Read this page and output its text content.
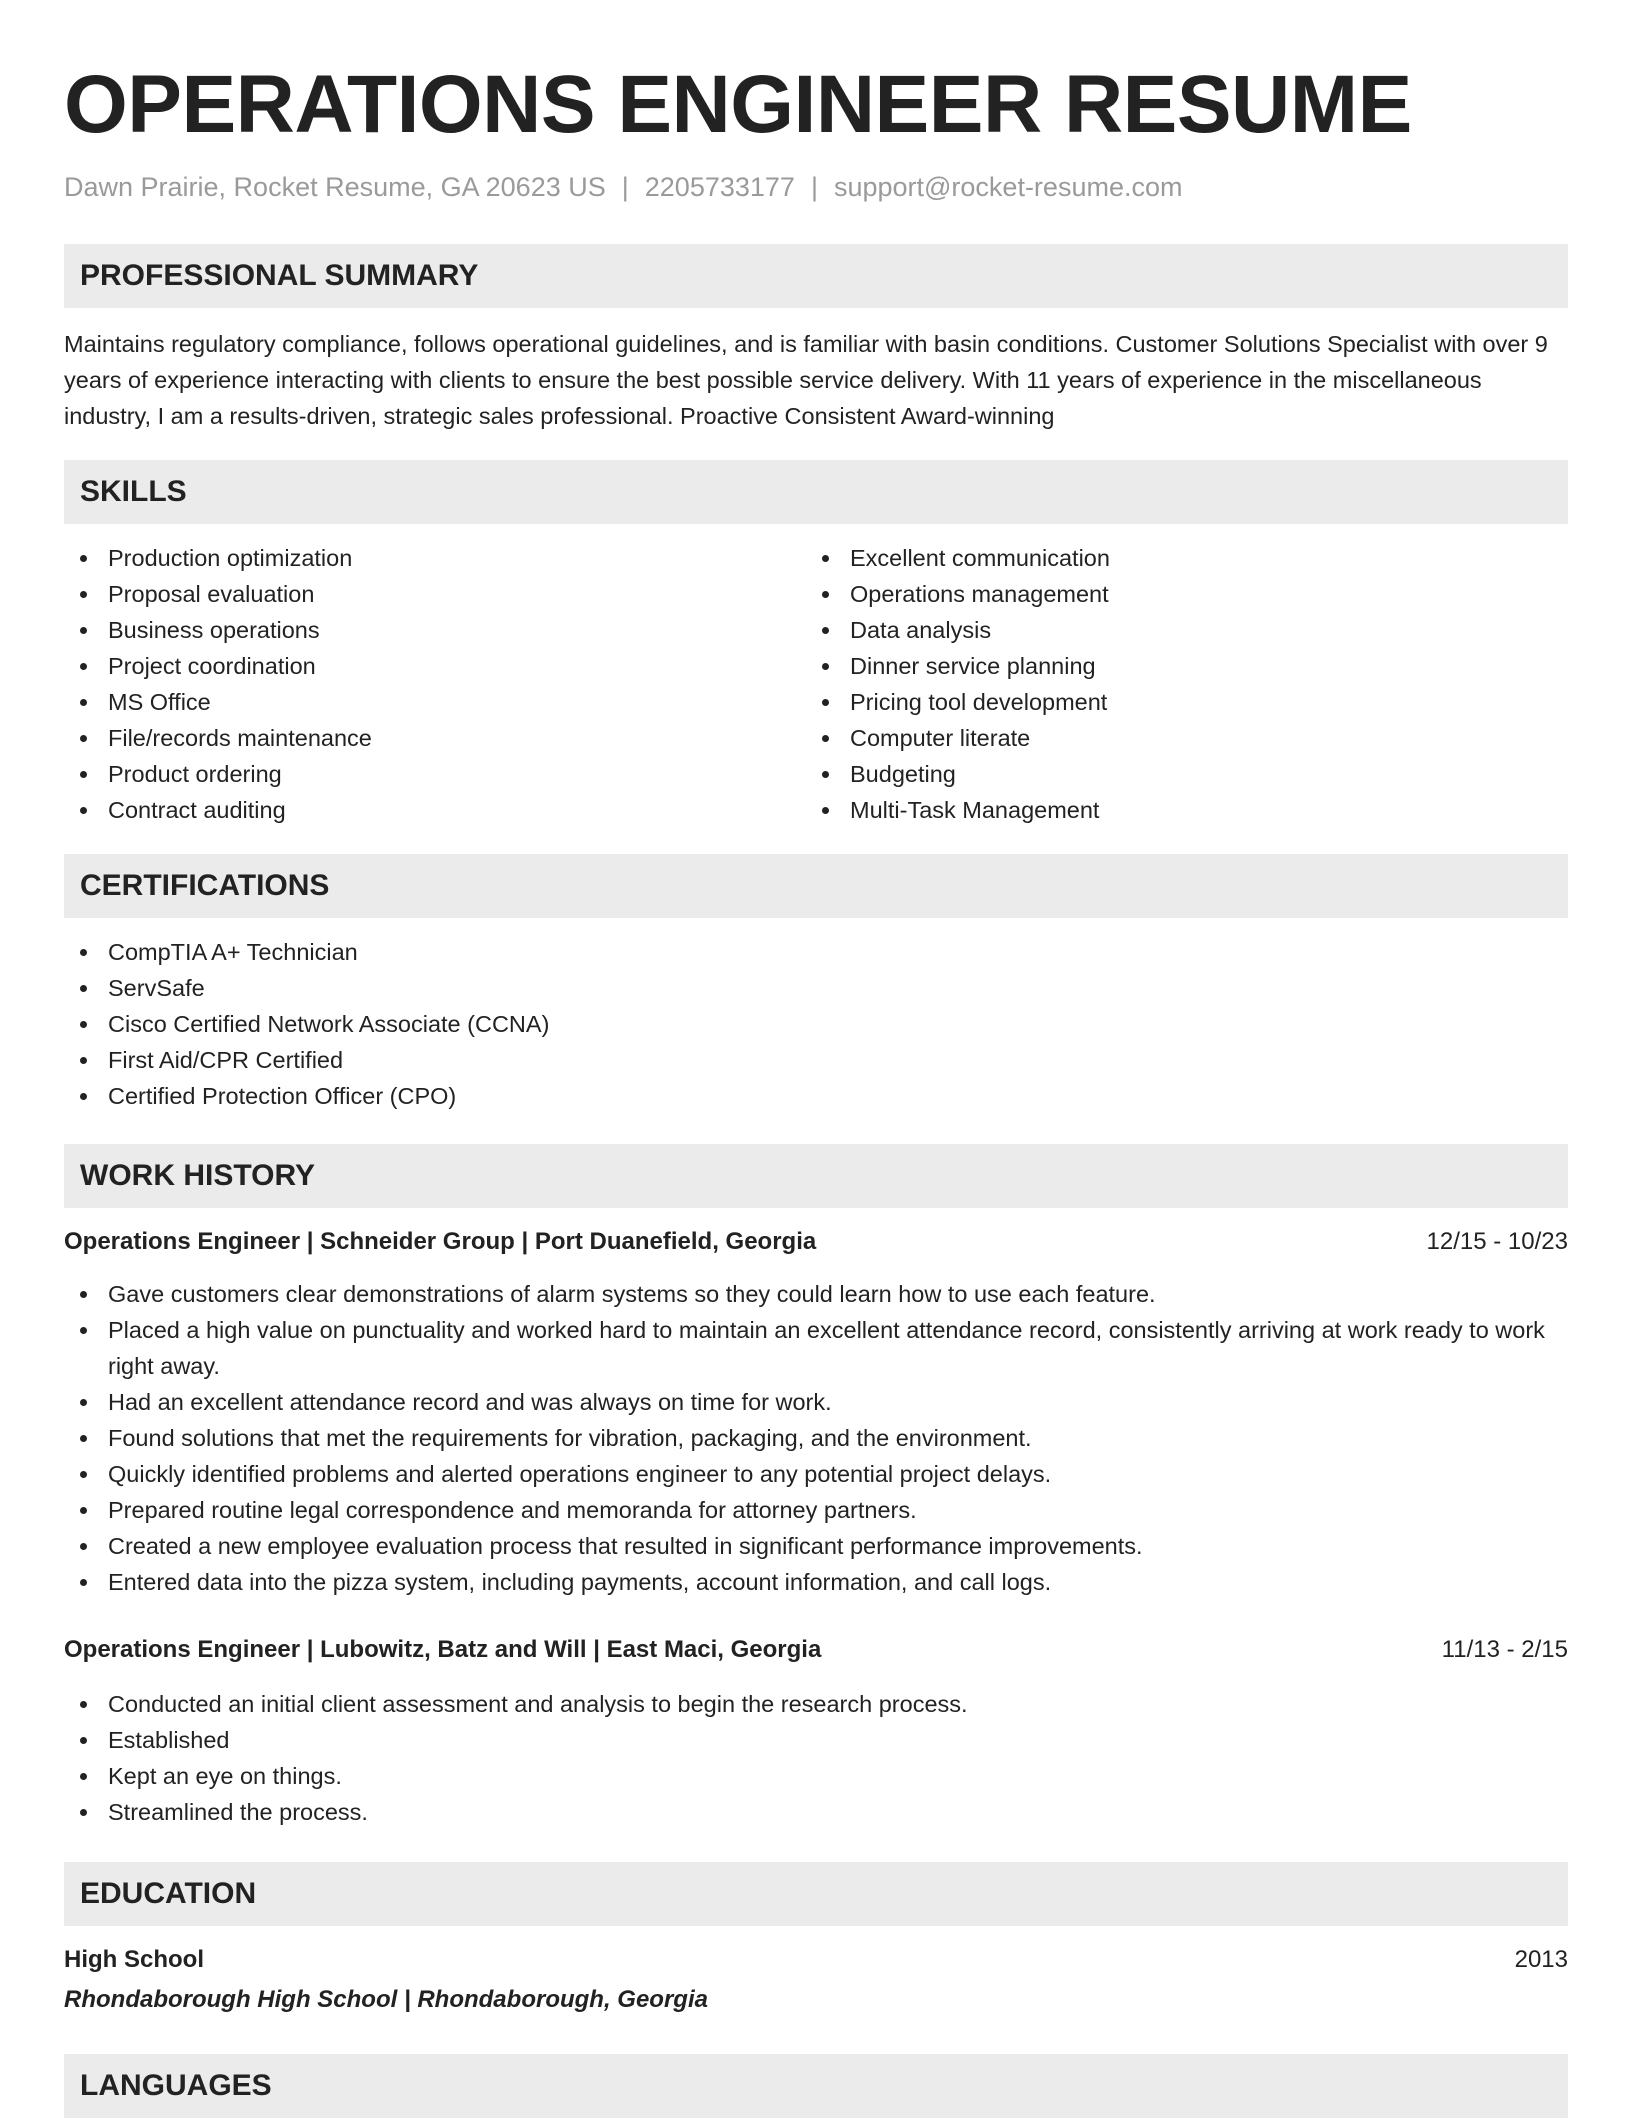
OPERATIONS ENGINEER RESUME
Dawn Prairie, Rocket Resume, GA 20623 US | 2205733177 | support@rocket-resume.com
PROFESSIONAL SUMMARY

Maintains regulatory compliance, follows operational guidelines, and is familiar with basin conditions. Customer Solutions Specialist with over 9 years of experience interacting with clients to ensure the best possible service delivery. With 11 years of experience in the miscellaneous industry, I am a results-driven, strategic sales professional. Proactive Consistent Award-winning

SKILLS
Production optimization
Proposal evaluation
Business operations
Project coordination
MS Office
File/records maintenance
Product ordering
Contract auditing
Excellent communication
Operations management
Data analysis
Dinner service planning
Pricing tool development
Computer literate
Budgeting
Multi-Task Management
CERTIFICATIONS
CompTIA A+ Technician
ServSafe
Cisco Certified Network Associate (CCNA)
First Aid/CPR Certified
Certified Protection Officer (CPO)
WORK HISTORY
Operations Engineer | Schneider Group | Port Duanefield, Georgia	12/15 - 10/23
Gave customers clear demonstrations of alarm systems so they could learn how to use each feature.
Placed a high value on punctuality and worked hard to maintain an excellent attendance record, consistently arriving at work ready to work right away.
Had an excellent attendance record and was always on time for work.
Found solutions that met the requirements for vibration, packaging, and the environment.
Quickly identified problems and alerted operations engineer to any potential project delays.
Prepared routine legal correspondence and memoranda for attorney partners.
Created a new employee evaluation process that resulted in significant performance improvements.
Entered data into the pizza system, including payments, account information, and call logs.
Operations Engineer | Lubowitz, Batz and Will | East Maci, Georgia	11/13 - 2/15
Conducted an initial client assessment and analysis to begin the research process.
Established
Kept an eye on things.
Streamlined the process.
EDUCATION
High School	2013
Rhondaborough High School | Rhondaborough, Georgia
LANGUAGES
